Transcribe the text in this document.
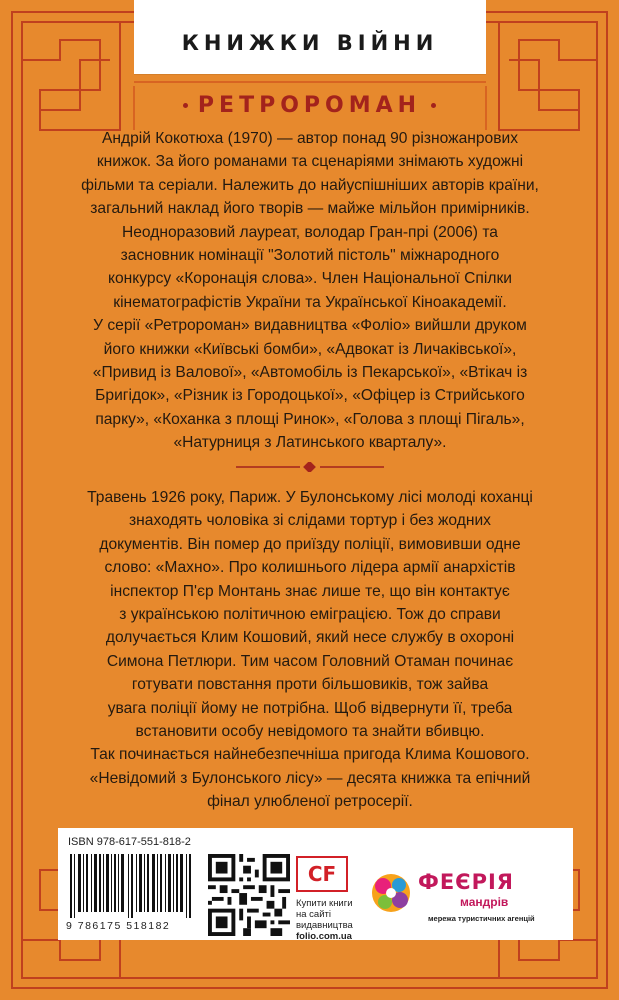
КНИЖКИ ВІЙНИ
РЕТРОРОМАН

Андрій Кокотюха (1970) — автор понад 90 різножанрових

книжок. За його романами та сценаріями знімають художні

фільми та серіали. Належить до найуспішніших авторів країни,

загальний наклад його творів — майже мільйон примірників.

Неодноразовий лауреат, володар Гран-прі (2006) та

засновник номінації "Золотий пістоль" міжнародного

конкурсу «Коронація слова». Член Національної Спілки

кінематографістів України та Української Кіноакадемії.

У серії «Ретророман» видавництва «Фоліо» вийшли друком

його книжки «Київські бомби», «Адвокат із Личаківської»,

«Привид із Валової», «Автомобіль із Пекарської», «Втікач із

Бригідок», «Різник із Городоцької», «Офіцер із Стрийського

парку», «Коханка з площі Ринок», «Голова з площі Пігаль»,

«Натурниця з Латинського кварталу».

Травень 1926 року, Париж. У Булонському лісі молоді коханці

знаходять чоловіка зі слідами тортур і без жодних

документів. Він помер до приїзду поліції, вимовивши одне

слово: «Махно». Про колишнього лідера армії анархістів

інспектор П'єр Монтань знає лише те, що він контактує

з українською політичною еміграцією. Тож до справи

долучається Клим Кошовий, який несе службу в охороні

Симона Петлюри. Тим часом Головний Отаман починає

готувати повстання проти більшовиків, тож зайва

увага поліції йому не потрібна. Щоб відвернути її, треба

встановити особу невідомого та знайти вбивцю.

Так починається найнебезпечніша пригода Клима Кошового.

«Невідомий з Булонського лісу» — десята книжка та епічний

фінал улюбленої ретросерії.

ISBN 978-617-551-818-2
9 786175 518182
CF
Купити книги
на сайті
видавництва
folio.com.ua
ФЕЄРІЯ
мандрів
мережа туристичних агенцій
